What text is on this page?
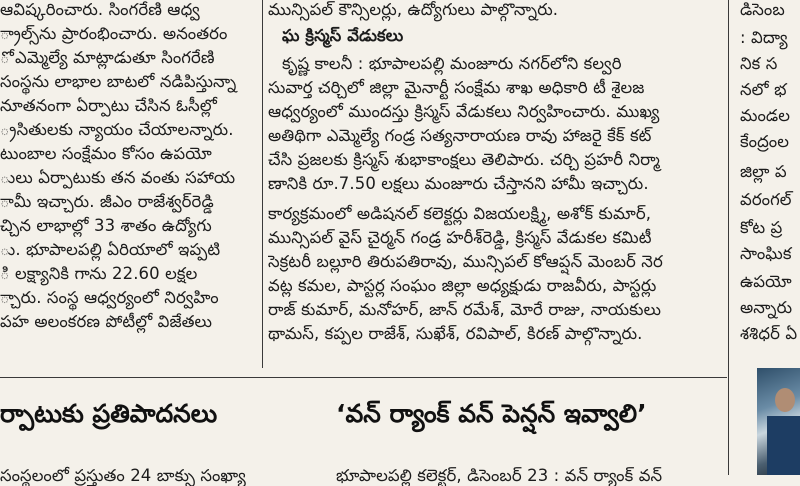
ఆవిష్కరించారు. సింగరేణి ఆధ్వ
్రాల్స్‌ను ప్రారంభించారు. అనంతరం
ో ఎమ్మెల్యే మాట్లాడుతూ సింగరేణి
సంస్థను లాభాల బాటలో నడిపిస్తున్నా
నూతనంగా ఏర్పాటు చేసిన ఓసీల్లో
్రసితులకు న్యాయం చేయాలన్నారు.
టుంబాల సంక్షేమం కోసం ఉపయో
ులు ఏర్పాటుకు తన వంతు సహాయ
ామీ ఇచ్చారు. జీఎం రాజేశ్వర్‌రెడ్డి
చ్చిన లాభాల్లో 33 శాతం ఉద్యోగు
ు. భూపాలపల్లి ఏరియాలో ఇప్పటి
ి లక్ష్యానికి గాను 22.60 లక్షల
్చారు. సంస్థ ఆధ్వర్యంలో నిర్వహిం
పహ అలంకరణ పోటీల్లో విజేతలు
మున్సిపల్ కౌన్సిలర్లు, ఉద్యోగులు పాల్గొన్నారు.
ఘ క్రిస్మస్ వేడుకలు
కృష్ణ కాలనీ : భూపాలపల్లి మంజూరు నగర్‌లోని కల్వరి
సువార్త చర్చిలో జిల్లా మైనార్టీ సంక్షేమ శాఖ అధికారి టీ శైలజ
ఆధ్వర్యంలో ముందస్తు క్రిస్మస్ వేడుకలు నిర్వహించారు. ముఖ్య
అతిథిగా ఎమ్మెల్యే గండ్ర సత్యనారాయణ రావు హాజరై కేక్ కట్
చేసి ప్రజలకు క్రిస్మస్ శుభాకాంక్షలు తెలిపారు. చర్చి ప్రహరీ నిర్మా
ణానికి రూ.7.50 లక్షలు మంజూరు చేస్తానని హామీ ఇచ్చారు.
కార్యక్రమంలో అడిషనల్ కలెక్టర్లు విజయలక్ష్మి, అశోక్ కుమార్,
మున్సిపల్ వైస్ చైర్మన్ గండ్ర హరీశ్‌రెడ్డి, క్రిస్మస్ వేడుకల కమిటీ
సెక్రటరీ బల్లూరి తిరుపతిరావు, మున్సిపల్ కోఆప్షన్ మెంబర్ నెర
వట్ల కమల, పాస్టర్ల సంఘం జిల్లా అధ్యక్షుడు రాజవీరు, పాస్టర్లు
రాజ్ కుమార్, మనోహర్, జాన్ రమేశ్, మోరే రాజు, నాయకులు
థామస్, కప్పల రాజేశ్, సుఖేశ్, రవిపాల్, కిరణ్ పాల్గొన్నారు.
డిసెంబ
: విద్యా
నిక స
నలో భ
మండల
కేంద్రంల
జిల్లా ప
వరంగల్
కోట ప్ర
సాంఘిక
ఉపయో
అన్నారు
శశిధర్ ఏ
ర్పాటుకు ప్రతిపాదనలు	‘వన్ ర్యాంక్ వన్ పెన్షన్ ఇవ్వాలి’
సంస్థలంలో ప్రస్తుతం 24 బాక్సు సంఖ్యా	భూపాలపల్లి కలెక్టర్, డిసెంబర్ 23 : వన్ ర్యాంక్ వన్
